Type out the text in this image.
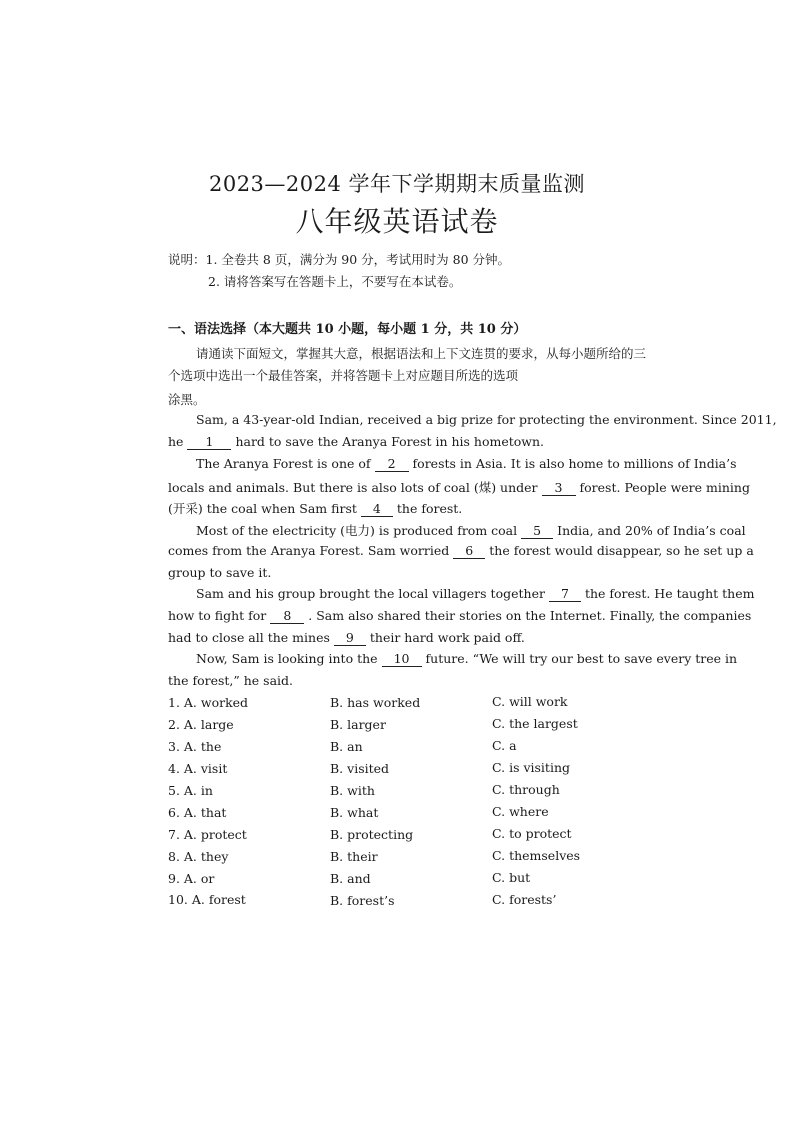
2023—2024 学年下学期期末质量监测
八年级英语试卷
说明：1. 全卷共 8 页，满分为 90 分，考试用时为 80 分钟。
2. 请将答案写在答题卡上，不要写在本试卷。
一、语法选择（本大题共 10 小题，每小题 1 分，共 10 分）
请通读下面短文，掌握其大意，根据语法和上下文连贯的要求，从每小题所给的三
个选项中选出一个最佳答案，并将答题卡上对应题目所选的选项
涂黑。
Sam, a 43-year-old Indian, received a big prize for protecting the environment. Since 2011,
he 1 hard to save the Aranya Forest in his hometown.
The Aranya Forest is one of 2 forests in Asia. It is also home to millions of India’s
locals and animals. But there is also lots of coal (煤) under 3 forest. People were mining
(开采) the coal when Sam first 4 the forest.
Most of the electricity (电力) is produced from coal 5 India, and 20% of India’s coal
comes from the Aranya Forest. Sam worried 6 the forest would disappear, so he set up a
group to save it.
Sam and his group brought the local villagers together 7 the forest. He taught them
how to fight for 8 . Sam also shared their stories on the Internet. Finally, the companies
had to close all the mines 9 their hard work paid off.
Now, Sam is looking into the 10 future. “We will try our best to save every tree in
the forest,” he said.
1. A. worked	B. has worked	C. will work
2. A. large	B. larger	C. the largest
3. A. the	B. an	C. a
4. A. visit	B. visited	C. is visiting
5. A. in	B. with	C. through
6. A. that	B. what	C. where
7. A. protect	B. protecting	C. to protect
8. A. they	B. their	C. themselves
9. A. or	B. and	C. but
10. A. forest	B. forest’s	C. forests’
